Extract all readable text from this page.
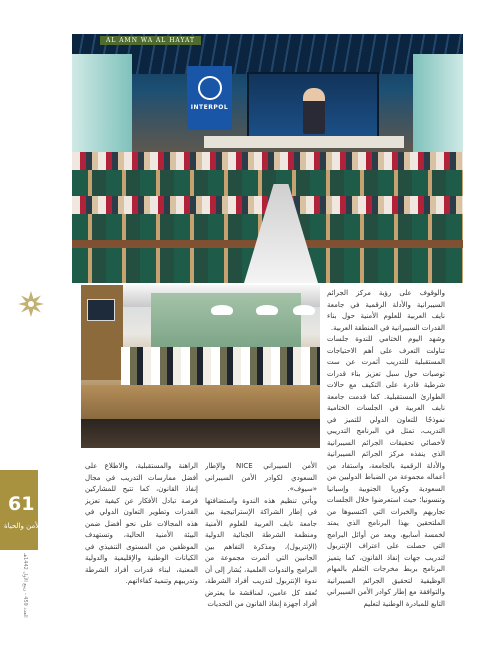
INTERPOL
AL AMN WA AL HAYAT
61
الأمن والحياة
العدد 459 - ربيع الأول 1442هـ

والوقوف على رؤية مركز الجرائم السيبرانية والأدلة الرقمية في جامعة نايف العربية للعلوم الأمنية حول بناء القدرات السيبرانية في المنطقة العربية.

وشهد اليوم الختامي للندوة جلسات تناولت التعرف على أهم الاحتياجات المستقبلية للتدريب أثمرت عن ست توصيات حول سبل تعزيز بناء قدرات شرطية قادرة على التكيف مع حالات الطوارئ المستقبلية. كما قدمت جامعة نايف العربية في الجلسات الختامية نموذجًا للتعاون الدولي للتميز في التدريب، تمثل في البرنامج التدريبي لأخصائي تحقيقات الجرائم السيبرانية الذي ينفذه مركز الجرائم السيبرانية والأدلة الرقمية بالجامعة، واستفاد من أعماله مجموعة من الضباط الدوليين من السعودية وكوريا الجنوبية وإسبانيا وتنسونيا؛ حيث استعرضوا خلال الجلسات تجاربهم والخبرات التي اكتسبوها من الملتحقين بهذا البرنامج الذي يمتد لخمسة أسابيع، ويعد من أوائل البرامج التي حصلت على اعتراف الإنتربول لتدريب جهات إنفاذ القانون، كما يتميز البرنامج بربط مخرجات التعلم بالمهام الوظيفية لتحقيق الجرائم السيبرانية والتوافقة مع إطار كوادر الأمن السيبراني التابع للمبادرة الوطنية لتعليم

الأمن السيبراني NICE والإطار السعودي لكوادر الأمن السيبراني «سيوف».

ويأتي تنظيم هذه الندوة واستضافتها في إطار الشراكة الإستراتيجية بين جامعة نايف العربية للعلوم الأمنية ومنظمة الشرطة الجنائية الدولية (الإنتربول)، ومذكرة التفاهم بين الجانبين التي أثمرت مجموعة من البرامج والندوات العلمية، يُشار إلى أن ندوة الإنتربول لتدريب أفراد الشرطة، تُعقد كل عامين، لمناقشة ما يعترض أفراد أجهزة إنفاذ القانون من التحديات

الراهنة والمستقبلية، والاطلاع على أفضل ممارسات التدريب في مجال إنفاذ القانون، كما تتيح للمشاركين فرصة تبادل الأفكار عن كيفية تعزيز القدرات وتطوير التعاون الدولي في هذه المجالات على نحو أفضل ضمن البيئة الأمنية الحالية، وتستهدف الموظفين من المستوى التنفيذي في الكيانات الوطنية والإقليمية والدولية المعنية، لبناء قدرات أفراد الشرطة وتدريبهم وتنمية كفاءاتهم.
